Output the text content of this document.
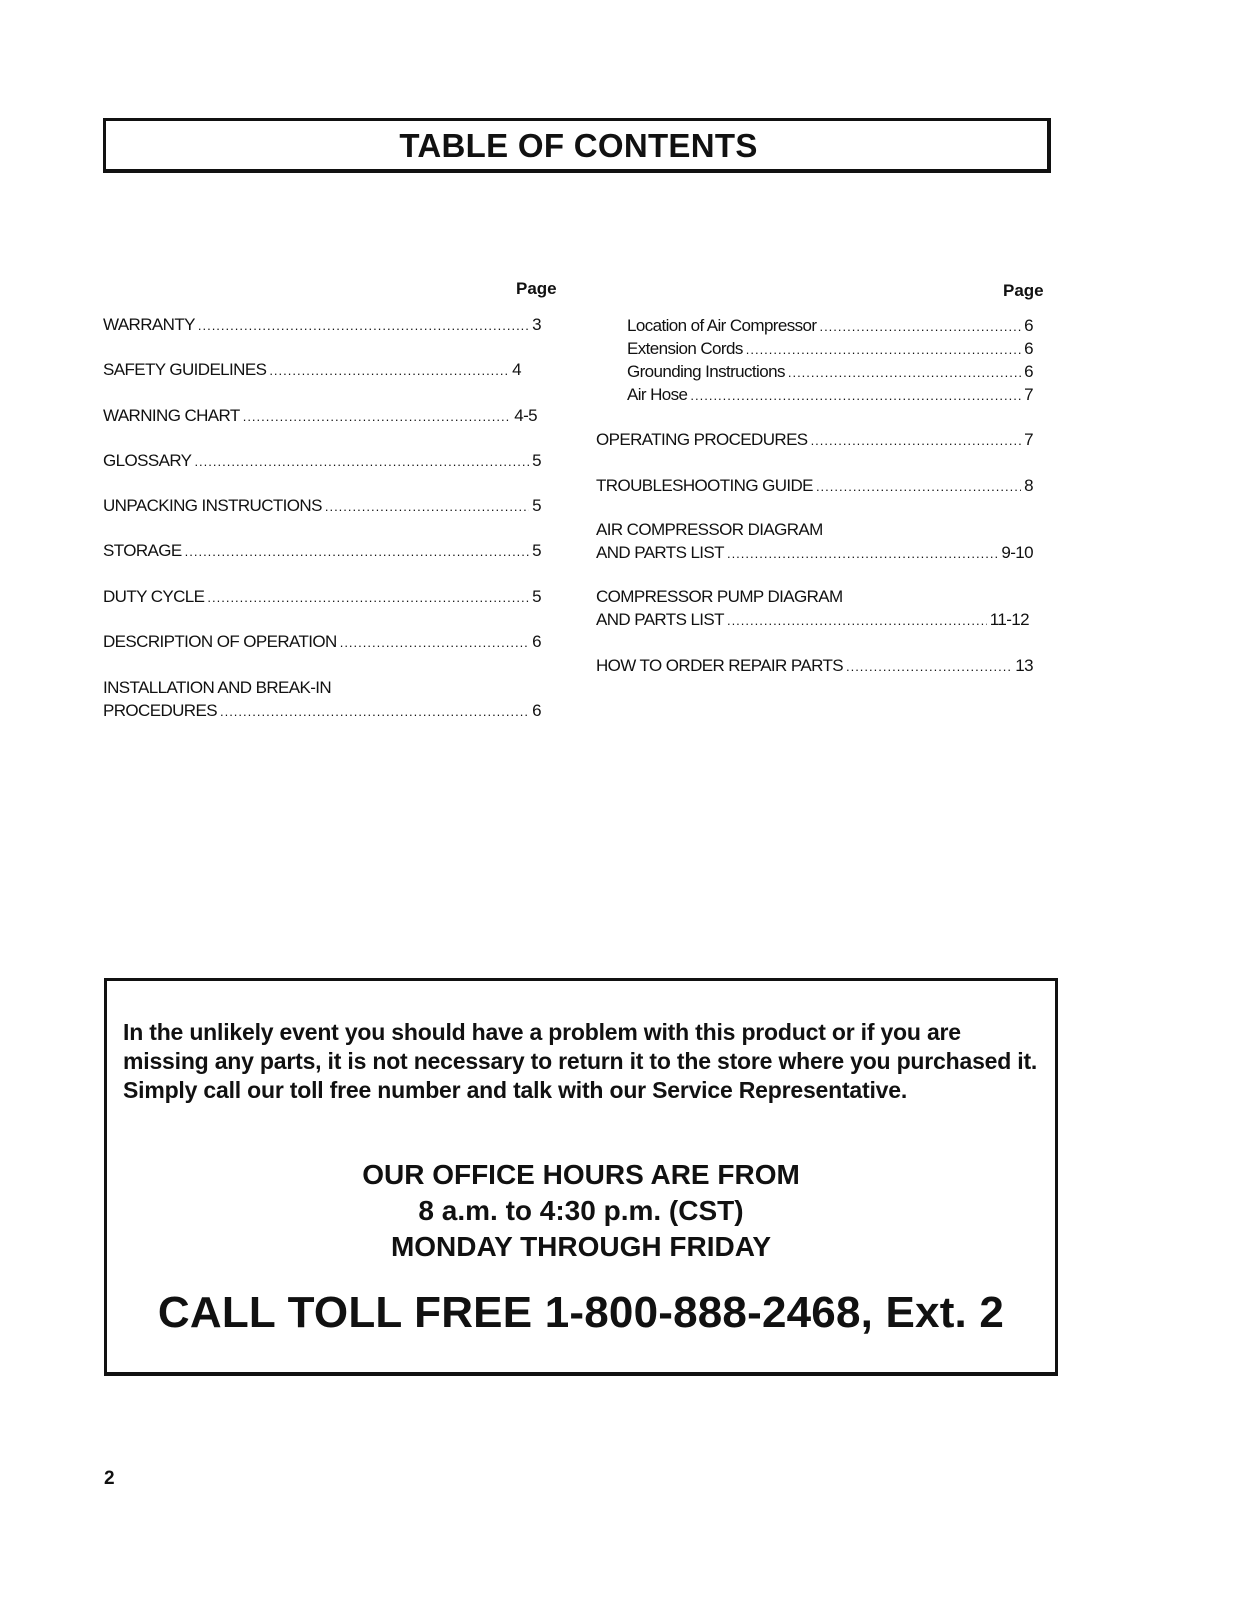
TABLE OF CONTENTS
Page
WARRANTY .....	3
SAFETY GUIDELINES .....	4
WARNING CHART .....	4-5
GLOSSARY .....	5
UNPACKING INSTRUCTIONS .....	5
STORAGE .....	5
DUTY CYCLE .....	5
DESCRIPTION OF OPERATION .....	6
INSTALLATION AND BREAK-IN
PROCEDURES .....	6
Page
Location of Air Compressor .....	6
Extension Cords .....	6
Grounding Instructions .....	6
Air Hose .....	7
OPERATING PROCEDURES .....	7
TROUBLESHOOTING GUIDE .....	8
AIR COMPRESSOR DIAGRAM
AND PARTS LIST .....	9-10
COMPRESSOR PUMP DIAGRAM
AND PARTS LIST .....	11-12
HOW TO ORDER REPAIR PARTS .....	13
In the unlikely event you should have a problem with this product or if you are missing any parts, it is not necessary to return it to the store where you purchased it. Simply call our toll free number and talk with our Service Representative.
OUR OFFICE HOURS ARE FROM
8 a.m. to 4:30 p.m. (CST)
MONDAY THROUGH FRIDAY
CALL TOLL FREE 1-800-888-2468, Ext. 2
2
